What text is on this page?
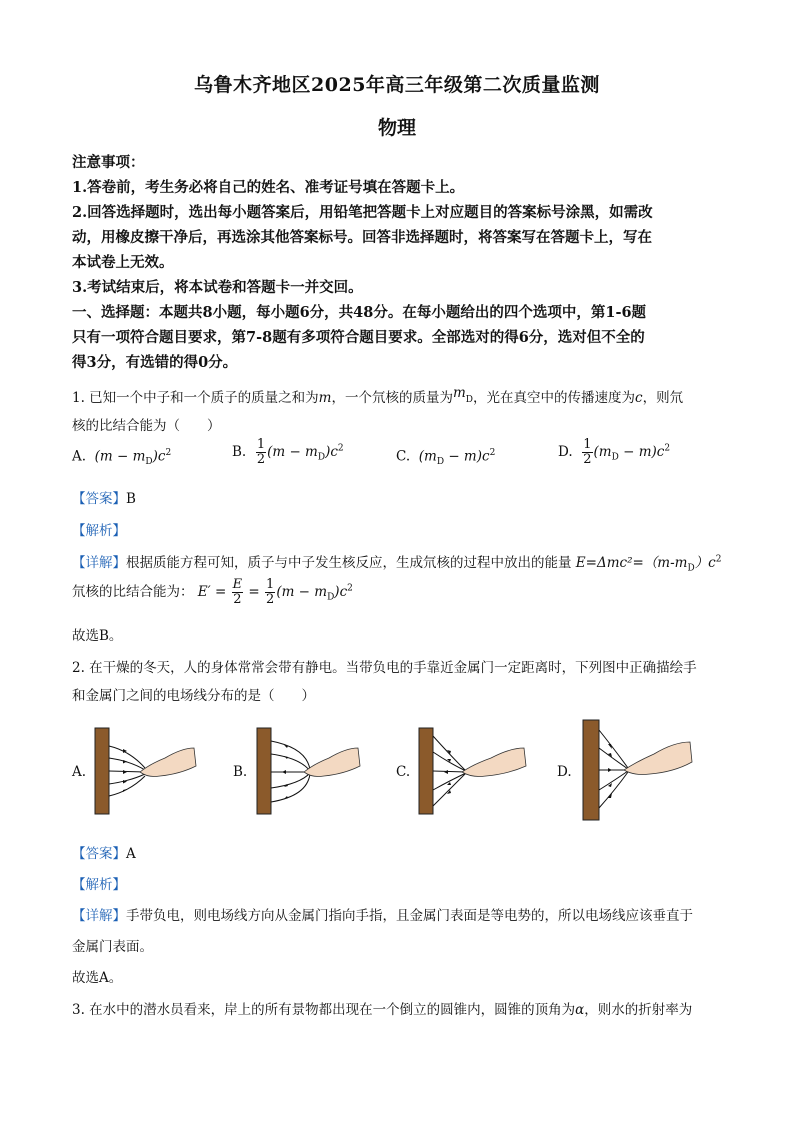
乌鲁木齐地区2025年高三年级第二次质量监测
物理
注意事项：
1.答卷前，考生务必将自己的姓名、准考证号填在答题卡上。
2.回答选择题时，选出每小题答案后，用铅笔把答题卡上对应题目的答案标号涂黑，如需改
动，用橡皮擦干净后，再选涂其他答案标号。回答非选择题时，将答案写在答题卡上，写在
本试卷上无效。
3.考试结束后，将本试卷和答题卡一并交回。
一、选择题：本题共8小题，每小题6分，共48分。在每小题给出的四个选项中，第1-6题
只有一项符合题目要求，第7-8题有多项符合题目要求。全部选对的得6分，选对但不全的
得3分，有选错的得0分。
1. 已知一个中子和一个质子的质量之和为m，一个氘核的质量为$m_D$，光在真空中的传播速度为c，则氘
核的比结合能为（　　）
A. $(m - m_D)c^2$	B. $\frac{1}{2} (m - m_D)c^2$	C. $(m_D - m)c^2$	D. $\frac{1}{2} (m_D - m)c^2$
【答案】B
【解析】
【详解】根据质能方程可知，质子与中子发生核反应，生成氘核的过程中放出的能量 $E=\Delta mc^2=(m-m_D)c^2$
氘核的比结合能为： $E' = \frac{E}{2} = \frac{1}{2} (m - m_D)c^2$
故选B。
2. 在干燥的冬天，人的身体常常会带有静电。当带负电的手靠近金属门一定距离时，下列图中正确描绘手
和金属门之间的电场线分布的是（　　）
A.	B.	C.	D.
【答案】A
【解析】
【详解】手带负电，则电场线方向从金属门指向手指，且金属门表面是等电势的，所以电场线应该垂直于
金属门表面。
故选A。
3. 在水中的潜水员看来，岸上的所有景物都出现在一个倒立的圆锥内，圆锥的顶角为α，则水的折射率为
